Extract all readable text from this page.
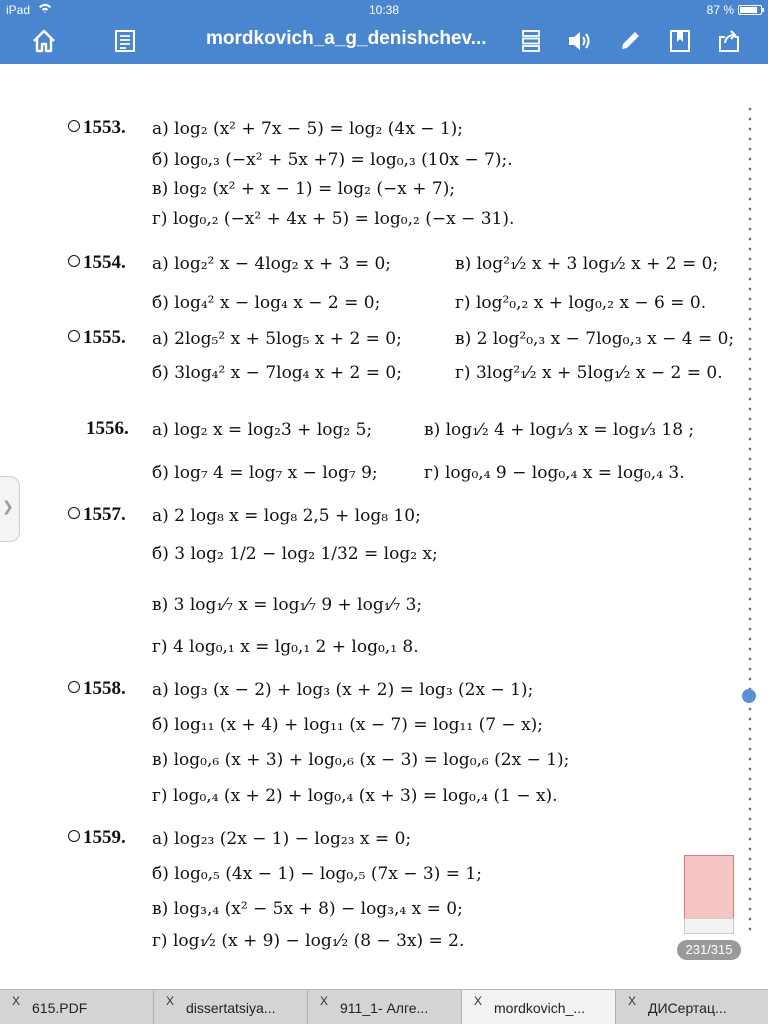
iPad	10:38	87 %
mordkovich_a_g_denishchev...
1553. а) log₂ (x² + 7x − 5) = log₂ (4x − 1);
б) log₀,₃ (−x² + 5x +7) = log₀,₃ (10x − 7);.
в) log₂ (x² + x − 1) = log₂ (−x + 7);
г) log₀,₂ (−x² + 4x + 5) = log₀,₂ (−x − 31).
1554. а) log₂² x − 4log₂ x + 3 = 0;	в) log²₁⁄₂ x + 3 log₁⁄₂ x + 2 = 0;
б) log₄² x − log₄ x − 2 = 0;	г) log²₀,₂ x + log₀,₂ x − 6 = 0.
1555. а) 2log₅² x + 5log₅ x + 2 = 0;	в) 2 log²₀,₃ x − 7log₀,₃ x − 4 = 0;
б) 3log₄² x − 7log₄ x + 2 = 0;	г) 3log²₁⁄₂ x + 5log₁⁄₂ x − 2 = 0.
1556. а) log₂ x = log₂3 + log₂ 5;	в) log₁⁄₂ 4 + log₁⁄₃ x = log₁⁄₃ 18 ;
б) log₇ 4 = log₇ x − log₇ 9;	г) log₀,₄ 9 − log₀,₄ x = log₀,₄ 3.
1557. а) 2 log₈ x = log₈ 2,5 + log₈ 10;
б) 3 log₂ 1/2 − log₂ 1/32 = log₂ x;
в) 3 log₁⁄₇ x = log₁⁄₇ 9 + log₁⁄₇ 3;
г) 4 log₀,₁ x = lg₀,₁ 2 + log₀,₁ 8.
1558. а) log₃ (x − 2) + log₃ (x + 2) = log₃ (2x − 1);
б) log₁₁ (x + 4) + log₁₁ (x − 7) = log₁₁ (7 − x);
в) log₀,₆ (x + 3) + log₀,₆ (x − 3) = log₀,₆ (2x − 1);
г) log₀,₄ (x + 2) + log₀,₄ (x + 3) = log₀,₄ (1 − x).
1559. а) log₂₃ (2x − 1) − log₂₃ x = 0;
б) log₀,₅ (4x − 1) − log₀,₅ (7x − 3) = 1;
в) log₃,₄ (x² − 5x + 8) − log₃,₄ x = 0;
г) log₁⁄₂ (x + 9) − log₁⁄₂ (8 − 3x) = 2.
❯
231/315
X 615.PDF	X dissertatsiya...	X 911_1- Алге...	X mordkovich_...	X ДИСертац...
